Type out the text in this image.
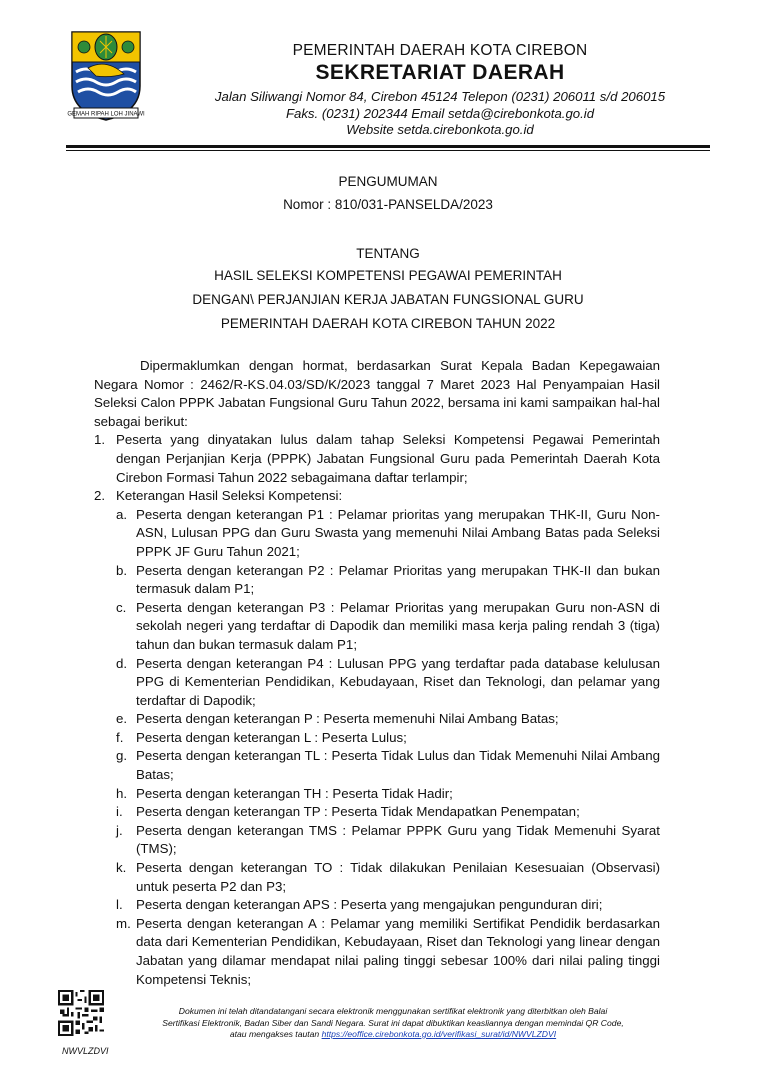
GEMAH RIPAH LOH JINAWI
PEMERINTAH DAERAH KOTA CIREBON
SEKRETARIAT DAERAH
Jalan Siliwangi Nomor 84, Cirebon 45124 Telepon (0231) 206011 s/d 206015
Faks. (0231) 202344 Email setda@cirebonkota.go.id
Website setda.cirebonkota.go.id
PENGUMUMAN
Nomor : 810/031-PANSELDA/2023
TENTANG
HASIL SELEKSI KOMPETENSI PEGAWAI PEMERINTAH
DENGAN\ PERJANJIAN KERJA JABATAN FUNGSIONAL GURU
PEMERINTAH DAERAH KOTA CIREBON TAHUN 2022

Dipermaklumkan dengan hormat, berdasarkan Surat Kepala Badan Kepegawaian Negara Nomor : 2462/R-KS.04.03/SD/K/2023 tanggal 7 Maret 2023 Hal Penyampaian Hasil Seleksi Calon PPPK Jabatan Fungsional Guru Tahun 2022, bersama ini kami sampaikan hal-hal sebagai berikut:

1. Peserta yang dinyatakan lulus dalam tahap Seleksi Kompetensi Pegawai Pemerintah dengan Perjanjian Kerja (PPPK) Jabatan Fungsional Guru pada Pemerintah Daerah Kota Cirebon Formasi Tahun 2022 sebagaimana daftar terlampir;
2. Keterangan Hasil Seleksi Kompetensi:
a. Peserta dengan keterangan P1 : Pelamar prioritas yang merupakan THK-II, Guru Non-ASN, Lulusan PPG dan Guru Swasta yang memenuhi Nilai Ambang Batas pada Seleksi PPPK JF Guru Tahun 2021;
b. Peserta dengan keterangan P2 : Pelamar Prioritas yang merupakan THK-II dan bukan termasuk dalam P1;
c. Peserta dengan keterangan P3 : Pelamar Prioritas yang merupakan Guru non-ASN di sekolah negeri yang terdaftar di Dapodik dan memiliki masa kerja paling rendah 3 (tiga) tahun dan bukan termasuk dalam P1;
d. Peserta dengan keterangan P4 : Lulusan PPG yang terdaftar pada database kelulusan PPG di Kementerian Pendidikan, Kebudayaan, Riset dan Teknologi, dan pelamar yang terdaftar di Dapodik;
e. Peserta dengan keterangan P : Peserta memenuhi Nilai Ambang Batas;
f. Peserta dengan keterangan L : Peserta Lulus;
g. Peserta dengan keterangan TL : Peserta Tidak Lulus dan Tidak Memenuhi Nilai Ambang Batas;
h. Peserta dengan keterangan TH : Peserta Tidak Hadir;
i. Peserta dengan keterangan TP : Peserta Tidak Mendapatkan Penempatan;
j. Peserta dengan keterangan TMS : Pelamar PPPK Guru yang Tidak Memenuhi Syarat (TMS);
k. Peserta dengan keterangan TO : Tidak dilakukan Penilaian Kesesuaian (Observasi) untuk peserta P2 dan P3;
l. Peserta dengan keterangan APS : Peserta yang mengajukan pengunduran diri;
m. Peserta dengan keterangan A : Pelamar yang memiliki Sertifikat Pendidik berdasarkan data dari Kementerian Pendidikan, Kebudayaan, Riset dan Teknologi yang linear dengan Jabatan yang dilamar mendapat nilai paling tinggi sebesar 100% dari nilai paling tinggi Kompetensi Teknis;
NWVLZDVI
Dokumen ini telah ditandatangani secara elektronik menggunakan sertifikat elektronik yang diterbitkan oleh Balai
Sertifikasi Elektronik, Badan Siber dan Sandi Negara. Surat ini dapat dibuktikan keasliannya dengan memindai QR Code,
atau mengakses tautan https://eoffice.cirebonkota.go.id/verifikasi_surat/id/NWVLZDVI
